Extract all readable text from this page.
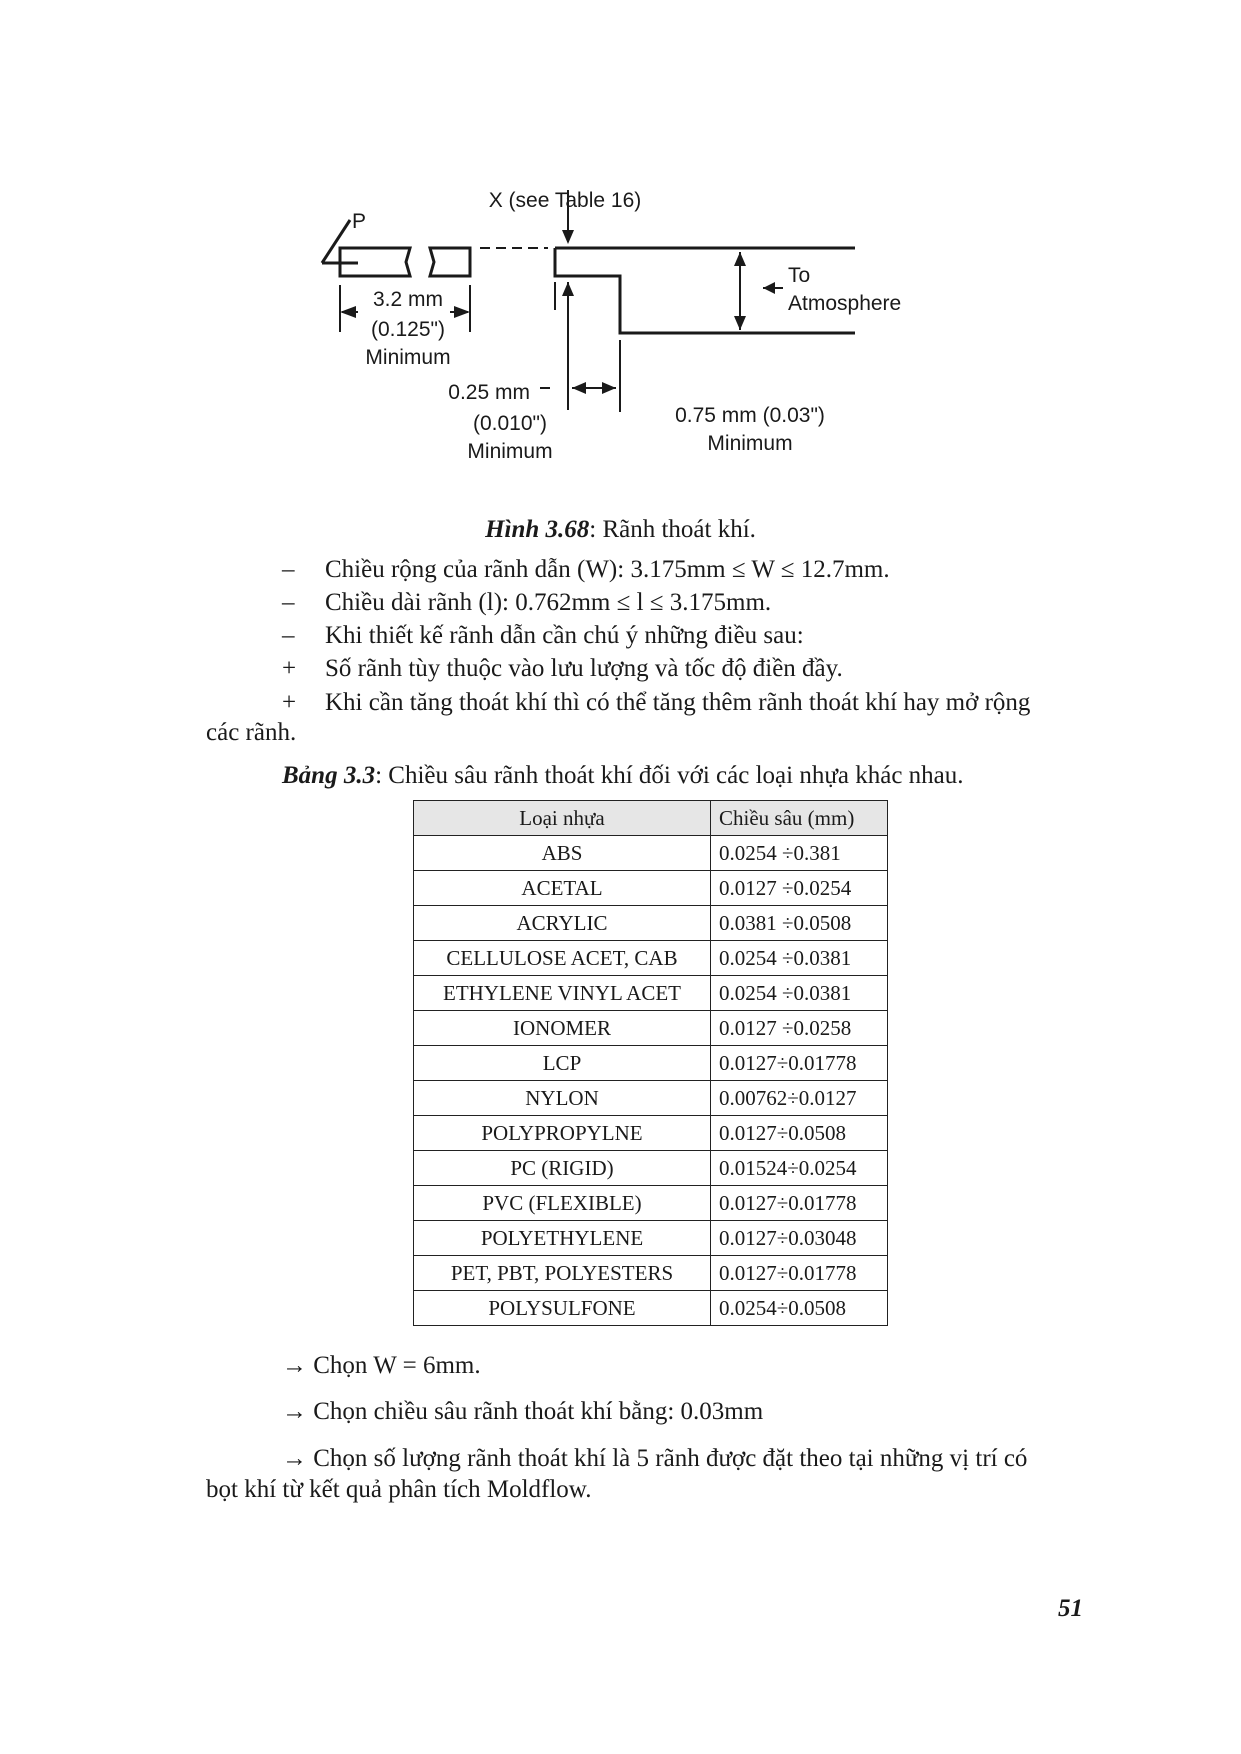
X (see Table 16)
P
To
Atmosphere
3.2 mm
(0.125")
Minimum
0.25 mm
(0.010")
Minimum
0.75 mm (0.03")
Minimum
Hình 3.68: Rãnh thoát khí.
–	Chiều rộng của rãnh dẫn (W): 3.175mm ≤ W ≤ 12.7mm.
–	Chiều dài rãnh (l): 0.762mm ≤ l ≤ 3.175mm.
–	Khi thiết kế rãnh dẫn cần chú ý những điều sau:
+	Số rãnh tùy thuộc vào lưu lượng và tốc độ điền đầy.
+	Khi cần tăng thoát khí thì có thể tăng thêm rãnh thoát khí hay mở rộng
các rãnh.
Bảng 3.3: Chiều sâu rãnh thoát khí đối với các loại nhựa khác nhau.
Loại nhựa	Chiều sâu (mm)
ABS	0.0254 ÷0.381
ACETAL	0.0127 ÷0.0254
ACRYLIC	0.0381 ÷0.0508
CELLULOSE ACET, CAB	0.0254 ÷0.0381
ETHYLENE VINYL ACET	0.0254 ÷0.0381
IONOMER	0.0127 ÷0.0258
LCP	0.0127÷0.01778
NYLON	0.00762÷0.0127
POLYPROPYLNE	0.0127÷0.0508
PC (RIGID)	0.01524÷0.0254
PVC (FLEXIBLE)	0.0127÷0.01778
POLYETHYLENE	0.0127÷0.03048
PET, PBT, POLYESTERS	0.0127÷0.01778
POLYSULFONE	0.0254÷0.0508
→ Chọn W = 6mm.
→ Chọn chiều sâu rãnh thoát khí bằng: 0.03mm
→ Chọn số lượng rãnh thoát khí là 5 rãnh được đặt theo tại những vị trí có
bọt khí từ kết quả phân tích Moldflow.
51
